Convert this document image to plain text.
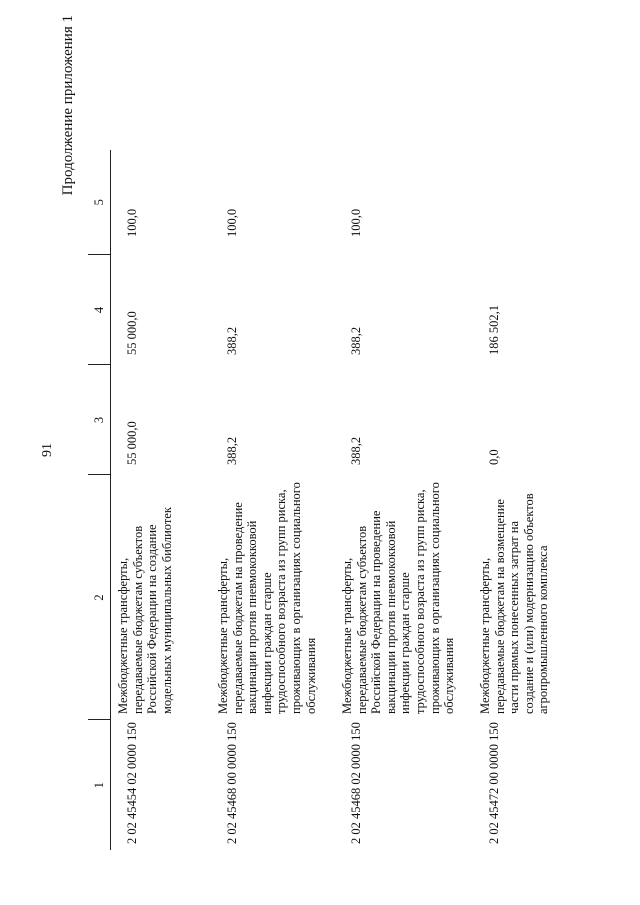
91
Продолжение приложения 1
1	2	3	4	5
2 02 45454 02 0000 150	Межбюджетные трансферты, передаваемые бюджетам субъектов Российской Федерации на создание модельных муниципальных библиотек	55 000,0	55 000,0	100,0
2 02 45468 00 0000 150	Межбюджетные трансферты, передаваемые бюджетам на проведение вакцинации против пневмококковой инфекции граждан старше трудоспособного возраста из групп риска, проживающих в организациях социального обслуживания	388,2	388,2	100,0
2 02 45468 02 0000 150	Межбюджетные трансферты, передаваемые бюджетам субъектов Российской Федерации на проведение вакцинации против пневмококковой инфекции граждан старше трудоспособного возраста из групп риска, проживающих в организациях социального обслуживания	388,2	388,2	100,0
2 02 45472 00 0000 150	Межбюджетные трансферты, передаваемые бюджетам на возмещение части прямых понесенных затрат на создание и (или) модернизацию объектов агропромышленного комплекса	0,0	186 502,1	
